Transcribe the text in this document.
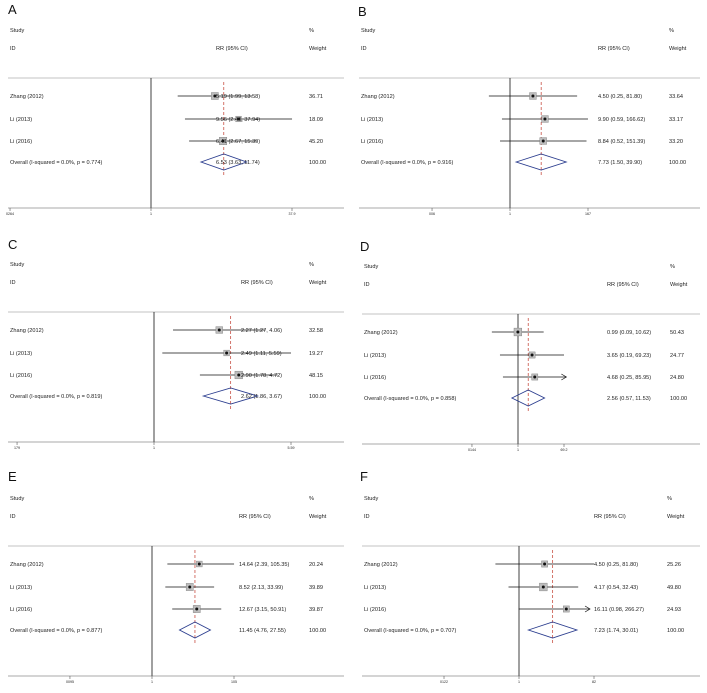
A	B
C	D
E	F
Study
ID	RR (95% CI)
%
Weight
Zhang (2012)	5.19 (1.99, 13.58)	36.71
Li (2013)	9.56 (2.40, 37.94)	18.09
Li (2016)	6.41 (2.67, 15.39)	45.20
Overall (I-squared = 0.0%, p = 0.774)	6.53 (3.63, 11.74)	100.00
0264	1	37.9
Study
ID	RR (95% CI)
%
Weight
Zhang (2012)	4.50 (0.25, 81.80)	33.64
Li (2013)	9.90 (0.59, 166.62)	33.17
Li (2016)	8.84 (0.52, 151.39)	33.20
Overall (I-squared = 0.0%, p = 0.916)	7.73 (1.50, 39.90)	100.00
006	1	167
Study
ID	RR (95% CI)
%
Weight
Zhang (2012)	2.27 (1.27, 4.06)	32.58
Li (2013)	2.49 (1.11, 5.59)	19.27
Li (2016)	2.90 (1.78, 4.72)	48.15
Overall (I-squared = 0.0%, p = 0.819)	2.62 (1.86, 3.67)	100.00
179	1	5.59
Study
ID	RR (95% CI)
%
Weight
Zhang (2012)	0.99 (0.09, 10.62)	50.43
Li (2013)	3.65 (0.19, 69.23)	24.77
Li (2016)	4.68 (0.25, 85.95)	24.80
Overall (I-squared = 0.0%, p = 0.858)	2.56 (0.57, 11.53)	100.00
0144	1	69.2
Study
ID	RR (95% CI)
%
Weight
Zhang (2012)	14.64 (2.39, 105.35)	20.24
Li (2013)	8.52 (2.13, 33.99)	39.89
Li (2016)	12.67 (3.15, 50.91)	39.87
Overall (I-squared = 0.0%, p = 0.877)	11.45 (4.76, 27.55)	100.00
0095	1	105
Study
ID	RR (95% CI)
%
Weight
Zhang (2012)	4.50 (0.25, 81.80)	25.26
Li (2013)	4.17 (0.54, 32.43)	49.80
Li (2016)	16.11 (0.98, 266.27)	24.93
Overall (I-squared = 0.0%, p = 0.707)	7.23 (1.74, 30.01)	100.00
0122	1	82
